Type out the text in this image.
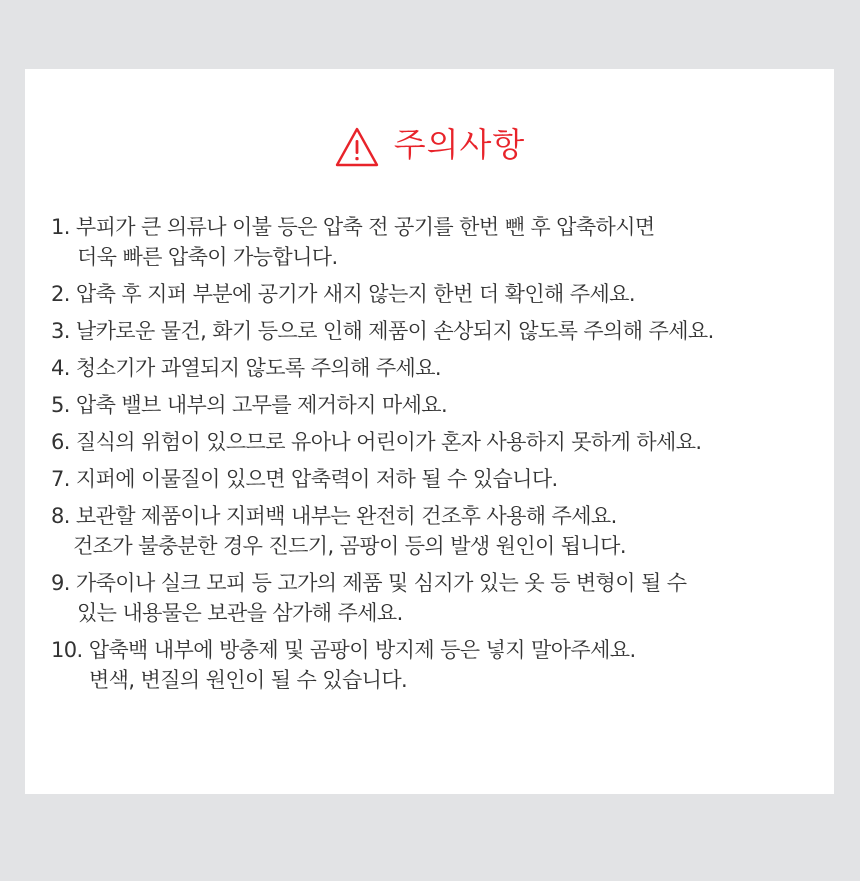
주의사항
1. 부피가 큰 의류나 이불 등은 압축 전 공기를 한번 뺀 후 압축하시면
더욱 빠른 압축이 가능합니다.
2. 압축 후 지퍼 부분에 공기가 새지 않는지 한번 더 확인해 주세요.
3. 날카로운 물건, 화기 등으로 인해 제품이 손상되지 않도록 주의해 주세요.
4. 청소기가 과열되지 않도록 주의해 주세요.
5. 압축 밸브 내부의 고무를 제거하지 마세요.
6. 질식의 위험이 있으므로 유아나 어린이가 혼자 사용하지 못하게 하세요.
7. 지퍼에 이물질이 있으면 압축력이 저하 될 수 있습니다.
8. 보관할 제품이나 지퍼백 내부는 완전히 건조후 사용해 주세요.
건조가 불충분한 경우 진드기, 곰팡이 등의 발생 원인이 됩니다.
9. 가죽이나 실크 모피 등 고가의 제품 및 심지가 있는 옷 등 변형이 될 수
있는 내용물은 보관을 삼가해 주세요.
10. 압축백 내부에 방충제 및 곰팡이 방지제 등은 넣지 말아주세요.
변색, 변질의 원인이 될 수 있습니다.
